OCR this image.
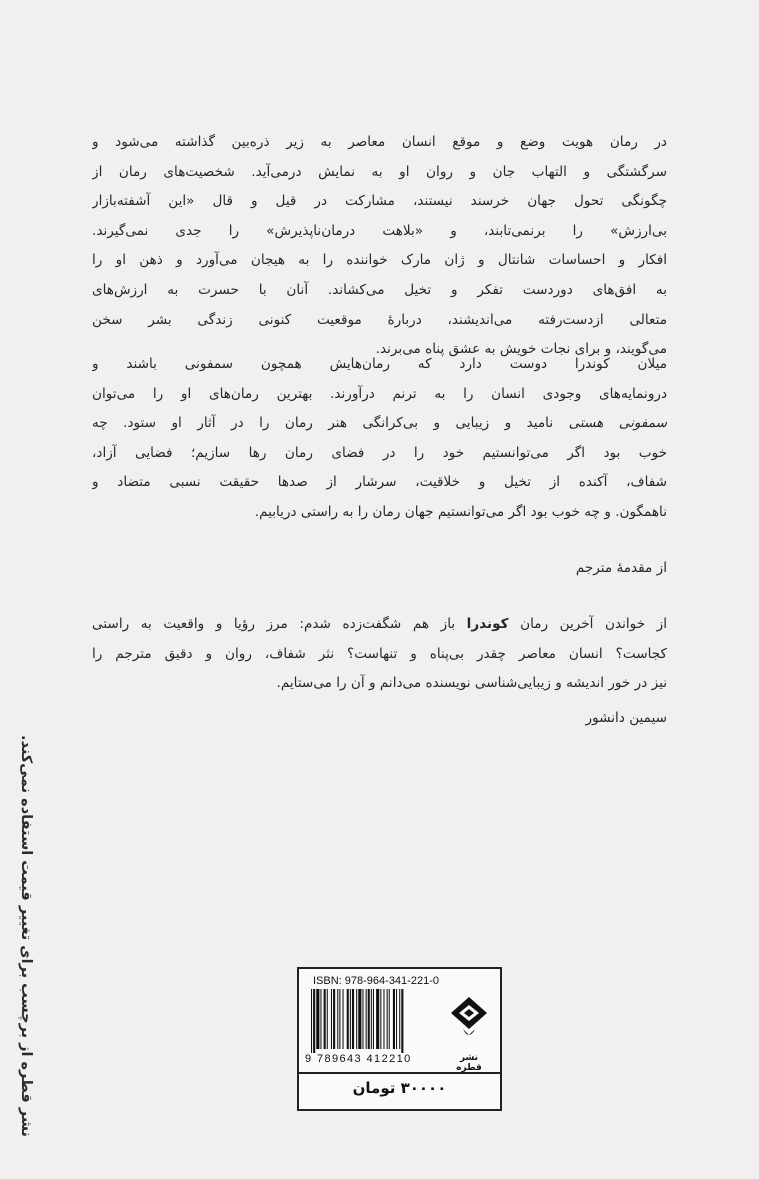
در رمان هویت وضع و موقع انسان معاصر به زیر ذره‌بین گذاشته می‌شود و
سرگشتگی و التهاب جان و روان او به نمایش درمی‌آید. شخصیت‌های رمان از
چگونگی تحول جهان خرسند نیستند، مشارکت در قیل و قال «این آشفته‌بازار
بی‌ارزش» را برنمی‌تابند، و «بلاهت درمان‌ناپذیرش» را جدی نمی‌گیرند.
افکار و احساسات شانتال و ژان مارک خواننده را به هیجان می‌آورد و ذهن او را
به افق‌های دوردست تفکر و تخیل می‌کشاند. آنان با حسرت به ارزش‌های
متعالی ازدست‌رفته می‌اندیشند، دربارهٔ موقعیت کنونی زندگی بشر سخن
می‌گویند، و برای نجات خویش به عشق پناه می‌برند.
میلان کوندرا دوست دارد که رمان‌هایش همچون سمفونی باشند و
درونمایه‌های وجودی انسان را به ترنم درآورند. بهترین رمان‌های او را می‌توان
سمفونی هستی نامید و زیبایی و بی‌کرانگی هنر رمان را در آثار او ستود. چه
خوب بود اگر می‌توانستیم خود را در فضای رمان رها سازیم؛ فضایی آزاد،
شفاف، آکنده از تخیل و خلاقیت، سرشار از صدها حقیقت نسبی متضاد و
ناهمگون. و چه خوب بود اگر می‌توانستیم جهان رمان را به راستی دریابیم.
از مقدمهٔ مترجم
از خواندن آخرین رمان کوندرا باز هم شگفت‌زده شدم: مرز رؤیا و واقعیت به راستی
کجاست؟ انسان معاصر چقدر بی‌پناه و تنهاست؟ نثر شفاف، روان و دقیق مترجم را
نیز در خور اندیشه و زیبایی‌شناسی نویسنده می‌دانم و آن را می‌ستایم.
سیمین دانشور
نشر قطره از برچسب برای تغییر قیمت استفاده نمی‌کند.	ISBN: 978-964-341-221-0
9 789643 412210	نشر قطره
۳۰۰۰۰ تومان
